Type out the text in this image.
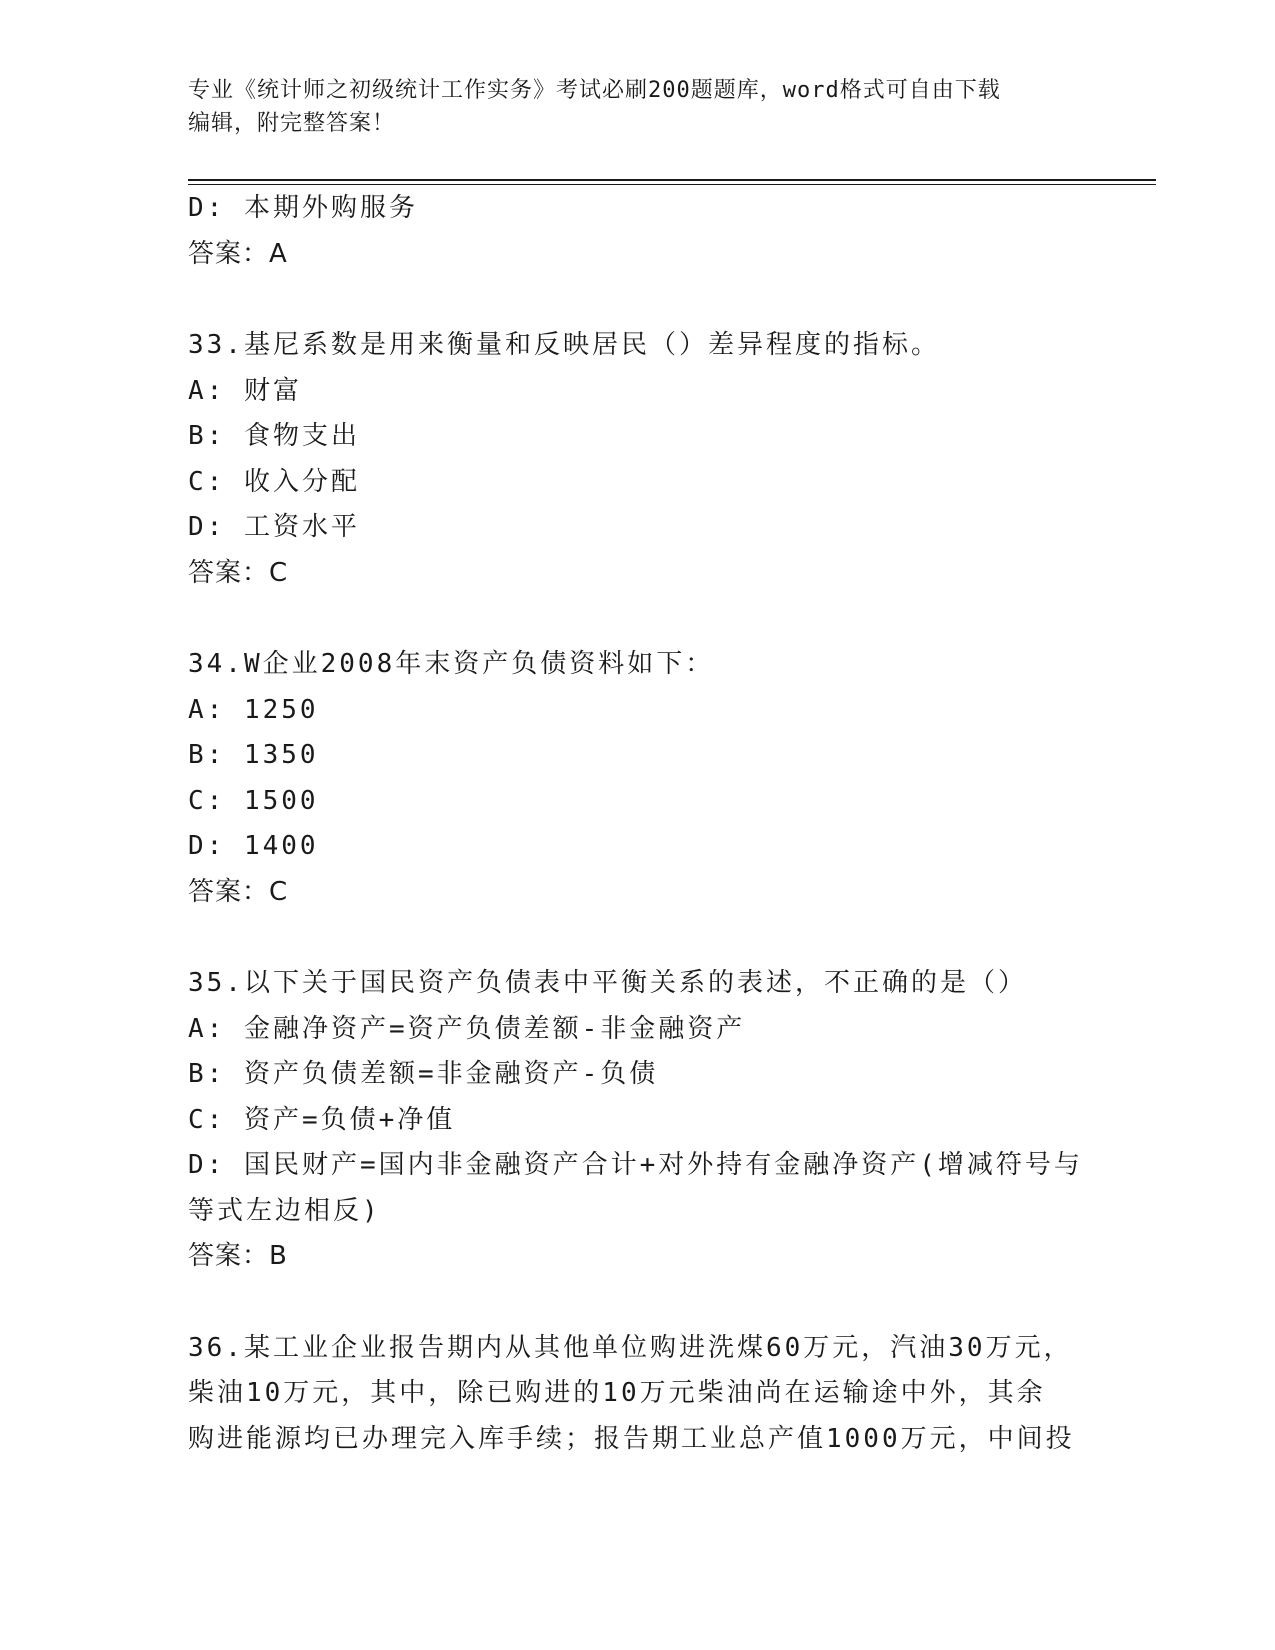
专业《统计师之初级统计工作实务》考试必刷200题题库，word格式可自由下载
编辑，附完整答案！
D: 本期外购服务
答案：A
33.基尼系数是用来衡量和反映居民（）差异程度的指标。
A: 财富
B: 食物支出
C: 收入分配
D: 工资水平
答案：C
34.W企业2008年末资产负债资料如下：
A: 1250
B: 1350
C: 1500
D: 1400
答案：C
35.以下关于国民资产负债表中平衡关系的表述，不正确的是（）
A: 金融净资产=资产负债差额-非金融资产
B: 资产负债差额=非金融资产-负债
C: 资产=负债+净值
D: 国民财产=国内非金融资产合计+对外持有金融净资产(增减符号与
等式左边相反)
答案：B
36.某工业企业报告期内从其他单位购进洗煤60万元，汽油30万元，
柴油10万元，其中，除已购进的10万元柴油尚在运输途中外，其余
购进能源均已办理完入库手续；报告期工业总产值1000万元，中间投
